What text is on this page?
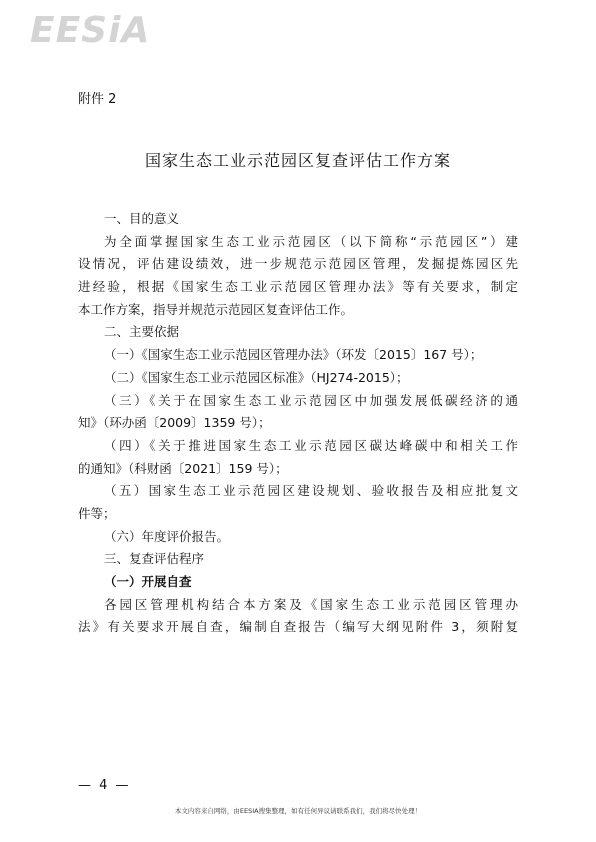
EESiA
附件 2
国家生态工业示范园区复查评估工作方案
一、目的意义
为全面掌握国家生态工业示范园区（以下简称“示范园区”）建
设情况，评估建设绩效，进一步规范示范园区管理，发掘提炼园区先
进经验，根据《国家生态工业示范园区管理办法》等有关要求，制定
本工作方案，指导并规范示范园区复查评估工作。
二、主要依据
（一）《国家生态工业示范园区管理办法》（环发〔2015〕167 号）；
（二）《国家生态工业示范园区标准》（HJ274-2015）；
（三）《关于在国家生态工业示范园区中加强发展低碳经济的通
知》（环办函〔2009〕1359 号）；
（四）《关于推进国家生态工业示范园区碳达峰碳中和相关工作
的通知》（科财函〔2021〕159 号）；
（五）国家生态工业示范园区建设规划、验收报告及相应批复文
件等；
（六）年度评价报告。
三、复查评估程序
（一）开展自查
各园区管理机构结合本方案及《国家生态工业示范园区管理办
法》有关要求开展自查，编制自查报告（编写大纲见附件 3，须附复
— 4 —
本文内容来自网络，由EESIA搜集整理，如有任何异议请联系我们，我们将尽快处理！
